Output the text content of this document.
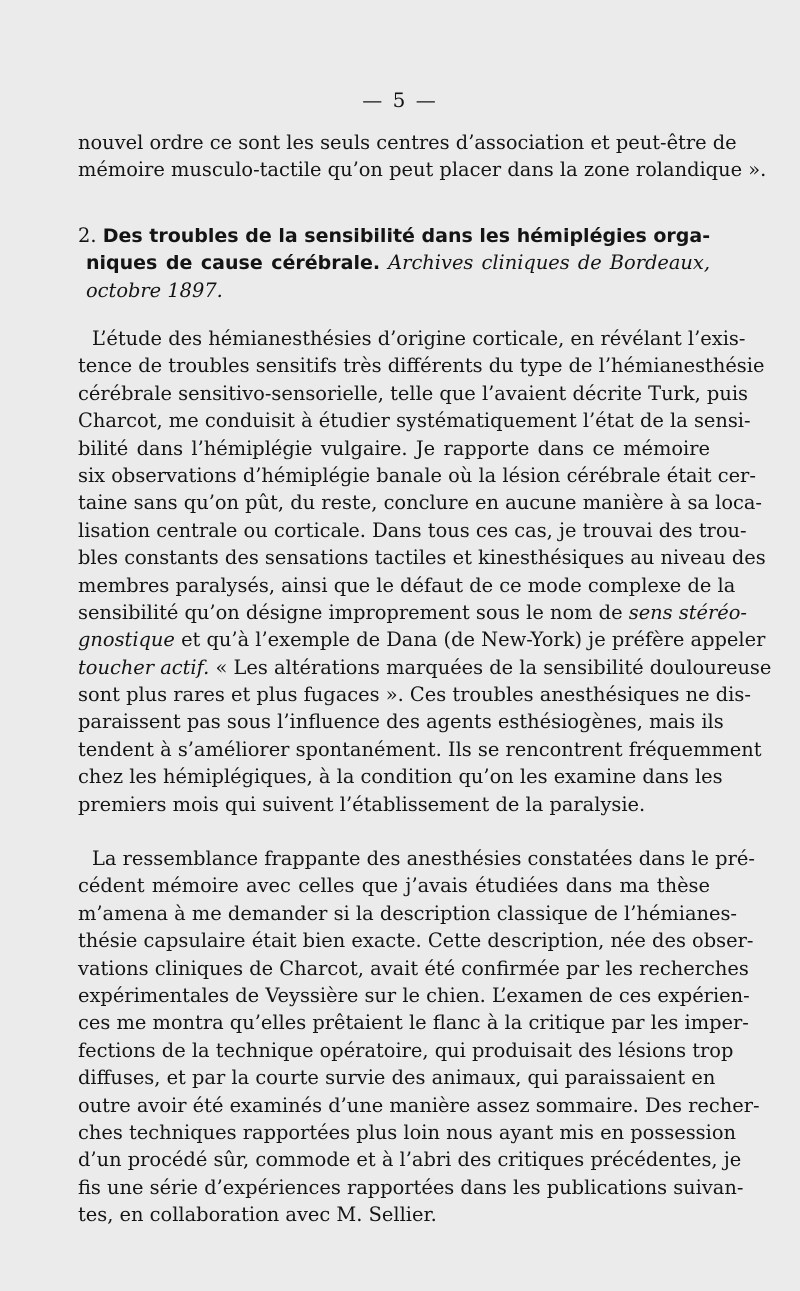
— 5 —
nouvel ordre ce sont les seuls centres d’association et peut-être de
mémoire musculo-tactile qu’on peut placer dans la zone rolandique ».
2. Des troubles de la sensibilité dans les hémiplégies orga-
niques de cause cérébrale. Archives cliniques de Bordeaux,
octobre 1897.
L’étude des hémianesthésies d’origine corticale, en révélant l’exis-
tence de troubles sensitifs très différents du type de l’hémianesthésie
cérébrale sensitivo-sensorielle, telle que l’avaient décrite Turk, puis
Charcot, me conduisit à étudier systématiquement l’état de la sensi-
bilité dans l’hémiplégie vulgaire. Je rapporte dans ce mémoire
six observations d’hémiplégie banale où la lésion cérébrale était cer-
taine sans qu’on pût, du reste, conclure en aucune manière à sa loca-
lisation centrale ou corticale. Dans tous ces cas, je trouvai des trou-
bles constants des sensations tactiles et kinesthésiques au niveau des
membres paralysés, ainsi que le défaut de ce mode complexe de la
sensibilité qu’on désigne improprement sous le nom de sens stéréo-
gnostique et qu’à l’exemple de Dana (de New-York) je préfère appeler
toucher actif. « Les altérations marquées de la sensibilité douloureuse
sont plus rares et plus fugaces ». Ces troubles anesthésiques ne dis-
paraissent pas sous l’influence des agents esthésiogènes, mais ils
tendent à s’améliorer spontanément. Ils se rencontrent fréquemment
chez les hémiplégiques, à la condition qu’on les examine dans les
premiers mois qui suivent l’établissement de la paralysie.
La ressemblance frappante des anesthésies constatées dans le pré-
cédent mémoire avec celles que j’avais étudiées dans ma thèse
m’amena à me demander si la description classique de l’hémianes-
thésie capsulaire était bien exacte. Cette description, née des obser-
vations cliniques de Charcot, avait été confirmée par les recherches
expérimentales de Veyssière sur le chien. L’examen de ces expérien-
ces me montra qu’elles prêtaient le flanc à la critique par les imper-
fections de la technique opératoire, qui produisait des lésions trop
diffuses, et par la courte survie des animaux, qui paraissaient en
outre avoir été examinés d’une manière assez sommaire. Des recher-
ches techniques rapportées plus loin nous ayant mis en possession
d’un procédé sûr, commode et à l’abri des critiques précédentes, je
fis une série d’expériences rapportées dans les publications suivan-
tes, en collaboration avec M. Sellier.
